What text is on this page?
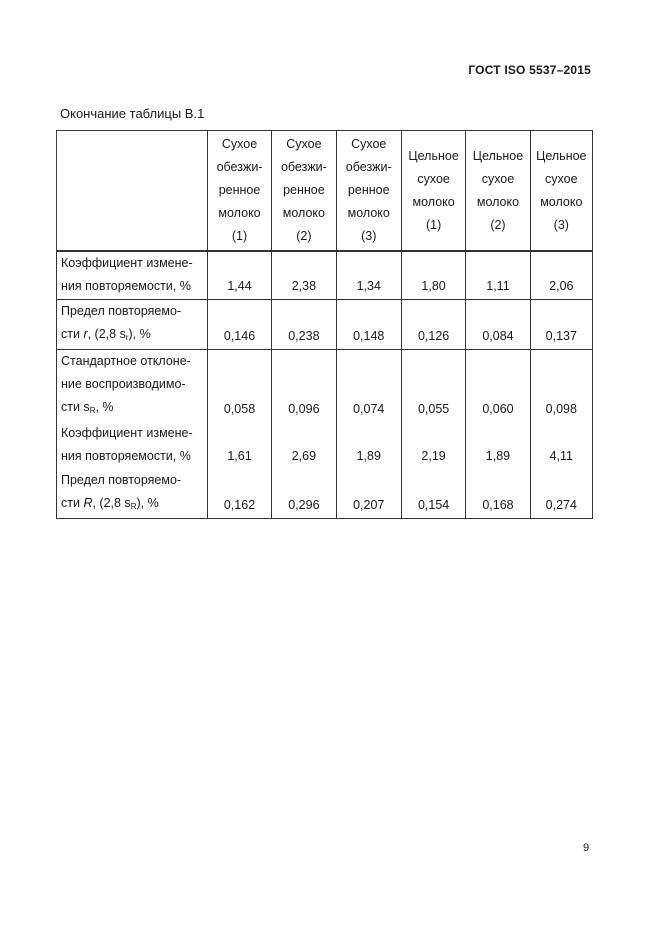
ГОСТ ISO 5537–2015
Окончание таблицы В.1

	Сухое
обезжи-
ренное
молоко
(1)	Сухое
обезжи-
ренное
молоко
(2)	Сухое
обезжи-
ренное
молоко
(3)	Цельное
сухое
молоко
(1)	Цельное
сухое
молоко
(2)	Цельное
сухое
молоко
(3)

Коэффициент измене-
ния повторяемости, %	1,44	2,38	1,34	1,80	1,11	2,06

Предел повторяемо-
сти r, (2,8 $s_r$), %	0,146	0,238	0,148	0,126	0,084	0,137

Стандартное отклоне-
ние воспроизводимо-
сти $s_R$, %	0,058	0,096	0,074	0,055	0,060	0,098

Коэффициент измене-
ния повторяемости, %	1,61	2,69	1,89	2,19	1,89	4,11

Предел повторяемо-
сти R, (2,8 $s_R$), %	0,162	0,296	0,207	0,154	0,168	0,274
9
